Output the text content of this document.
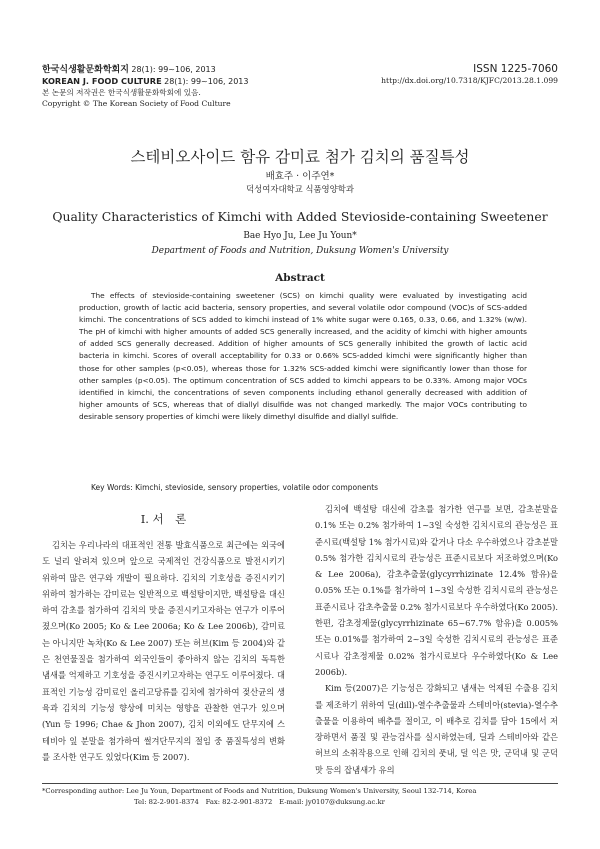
한국식생활문화학회지 28(1): 99~106, 2013
KOREAN J. FOOD CULTURE 28(1): 99~106, 2013
본 논문의 저작권은 한국식생활문화학회에 있음.
Copyright © The Korean Society of Food Culture
ISSN 1225-7060
http://dx.doi.org/10.7318/KJFC/2013.28.1.099
스테비오사이드 함유 감미료 첨가 김치의 품질특성
배효주 · 이주연*
덕성여자대학교 식품영양학과
Quality Characteristics of Kimchi with Added Stevioside-containing Sweetener
Bae Hyo Ju, Lee Ju Youn*
Department of Foods and Nutrition, Duksung Women's University
Abstract

The effects of stevioside-containing sweetener (SCS) on kimchi quality were evaluated by investigating acid production, growth of lactic acid bacteria, sensory properties, and several volatile odor compound (VOC)s of SCS-added kimchi. The concentrations of SCS added to kimchi instead of 1% white sugar were 0.165, 0.33, 0.66, and 1.32% (w/w). The pH of kimchi with higher amounts of added SCS generally increased, and the acidity of kimchi with higher amounts of added SCS generally decreased. Addition of higher amounts of SCS generally inhibited the growth of lactic acid bacteria in kimchi. Scores of overall acceptability for 0.33 or 0.66% SCS-added kimchi were significantly higher than those for other samples (p<0.05), whereas those for 1.32% SCS-added kimchi were significantly lower than those for other samples (p<0.05). The optimum concentration of SCS added to kimchi appears to be 0.33%. Among major VOCs identified in kimchi, the concentrations of seven components including ethanol generally decreased with addition of higher amounts of SCS, whereas that of diallyl disulfide was not changed markedly. The major VOCs contributing to desirable sensory properties of kimchi were likely dimethyl disulfide and diallyl sulfide.

Key Words: Kimchi, stevioside, sensory properties, volatile odor components
I. 서　론

김치는 우리나라의 대표적인 전통 발효식품으로 최근에는 외국에도 널리 알려져 있으며 앞으로 국제적인 건강식품으로 발전시키기 위하여 많은 연구와 개발이 필요하다. 김치의 기호성을 증진시키기 위하여 첨가하는 감미료는 일반적으로 백설탕이지만, 백설탕을 대신하여 감초를 첨가하여 김치의 맛을 증진시키고자하는 연구가 이루어졌으며(Ko 2005; Ko & Lee 2006a; Ko & Lee 2006b), 감미료는 아니지만 녹차(Ko & Lee 2007) 또는 허브(Kim 등 2004)와 같은 천연물질을 첨가하여 외국인들이 좋아하지 않는 김치의 독특한 냄새를 억제하고 기호성을 증진시키고자하는 연구도 이루어졌다. 대표적인 기능성 감미료인 올리고당류를 김치에 첨가하여 젖산균의 생육과 김치의 기능성 향상에 미치는 영향을 관찰한 연구가 있으며(Yun 등 1996; Chae & Jhon 2007), 김치 이외에도 단무지에 스테비아 잎 분말을 첨가하여 썰겨단무지의 절임 중 품질특성의 변화를 조사한 연구도 있었다(Kim 등 2007).

김치에 백설탕 대신에 감초를 첨가한 연구를 보면, 감초분말을 0.1% 또는 0.2% 첨가하여 1~3일 숙성한 김치시료의 관능성은 표준시료(백설탕 1% 첨가시료)와 같거나 다소 우수하였으나 감초분말 0.5% 첨가한 김치시료의 관능성은 표준시료보다 저조하였으며(Ko & Lee 2006a), 감초추출물(glycyrrhizinate 12.4% 함유)을 0.05% 또는 0.1%를 첨가하여 1~3일 숙성한 김치시료의 관능성은 표준시료나 감초추출물 0.2% 첨가시료보다 우수하였다(Ko 2005). 한편, 감초정제물(glycyrrhizinate 65~67.7% 함유)을 0.005% 또는 0.01%를 첨가하여 2~3일 숙성한 김치시료의 관능성은 표준시료나 감초정제물 0.02% 첨가시료보다 우수하였다(Ko & Lee 2006b).

Kim 등(2007)은 기능성은 강화되고 냄새는 억제된 수출용 김치를 제조하기 위하여 딜(dill)-열수추출물과 스테비아(stevia)-열수추출물을 이용하여 배추를 절이고, 이 배추로 김치를 담아 15에서 저장하면서 품질 및 관능검사를 실시하였는데, 딜과 스테비아와 같은 허브의 소취작용으로 인해 김치의 풋내, 덜 익은 맛, 군덕내 및 군덕맛 등의 잡냄새가 유의

*Corresponding author: Lee Ju Youn, Department of Foods and Nutrition, Duksung Women's University, Seoul 132-714, Korea
Tel: 82-2-901-8374　Fax: 82-2-901-8372　E-mail: jy0107@duksung.ac.kr
